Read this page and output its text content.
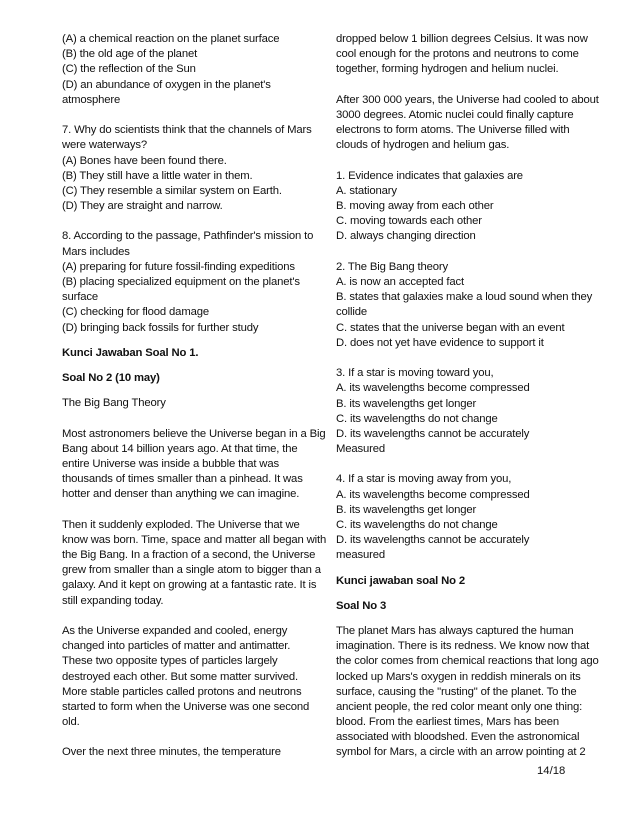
(A) a chemical reaction on the planet surface
(B) the old age of the planet
(C) the reflection of the Sun
(D) an abundance of oxygen in the planet's
atmosphere
7. Why do scientists think that the channels of Mars
were waterways?
(A) Bones have been found there.
(B) They still have a little water in them.
(C) They resemble a similar system on Earth.
(D) They are straight and narrow.
8. According to the passage, Pathfinder's mission to
Mars includes
(A) preparing for future fossil-finding expeditions
(B) placing specialized equipment on the planet's
surface
(C) checking for flood damage
(D) bringing back fossils for further study
Kunci Jawaban Soal No 1.
Soal No 2 (10 may)
The Big Bang Theory
Most astronomers believe the Universe began in a Big
Bang about 14 billion years ago. At that time, the
entire Universe was inside a bubble that was
thousands of times smaller than a pinhead. It was
hotter and denser than anything we can imagine.
Then it suddenly exploded. The Universe that we
know was born. Time, space and matter all began with
the Big Bang. In a fraction of a second, the Universe
grew from smaller than a single atom to bigger than a
galaxy. And it kept on growing at a fantastic rate. It is
still expanding today.
As the Universe expanded and cooled, energy
changed into particles of matter and antimatter.
These two opposite types of particles largely
destroyed each other. But some matter survived.
More stable particles called protons and neutrons
started to form when the Universe was one second
old.
Over the next three minutes, the temperature
dropped below 1 billion degrees Celsius. It was now
cool enough for the protons and neutrons to come
together, forming hydrogen and helium nuclei.
After 300 000 years, the Universe had cooled to about
3000 degrees. Atomic nuclei could finally capture
electrons to form atoms. The Universe filled with
clouds of hydrogen and helium gas.
1. Evidence indicates that galaxies are
A. stationary
B. moving away from each other
C. moving towards each other
D. always changing direction
2. The Big Bang theory
A. is now an accepted fact
B. states that galaxies make a loud sound when they
collide
C. states that the universe began with an event
D. does not yet have evidence to support it
3. If a star is moving toward you,
A. its wavelengths become compressed
B. its wavelengths get longer
C. its wavelengths do not change
D. its wavelengths cannot be accurately
Measured
4. If a star is moving away from you,
A. its wavelengths become compressed
B. its wavelengths get longer
C. its wavelengths do not change
D. its wavelengths cannot be accurately
measured
Kunci jawaban soal No 2
Soal No 3
The planet Mars has always captured the human
imagination. There is its redness. We know now that
the color comes from chemical reactions that long ago
locked up Mars's oxygen in reddish minerals on its
surface, causing the "rusting" of the planet. To the
ancient people, the red color meant only one thing:
blood. From the earliest times, Mars has been
associated with bloodshed. Even the astronomical
symbol for Mars, a circle with an arrow pointing at 2
14/18
